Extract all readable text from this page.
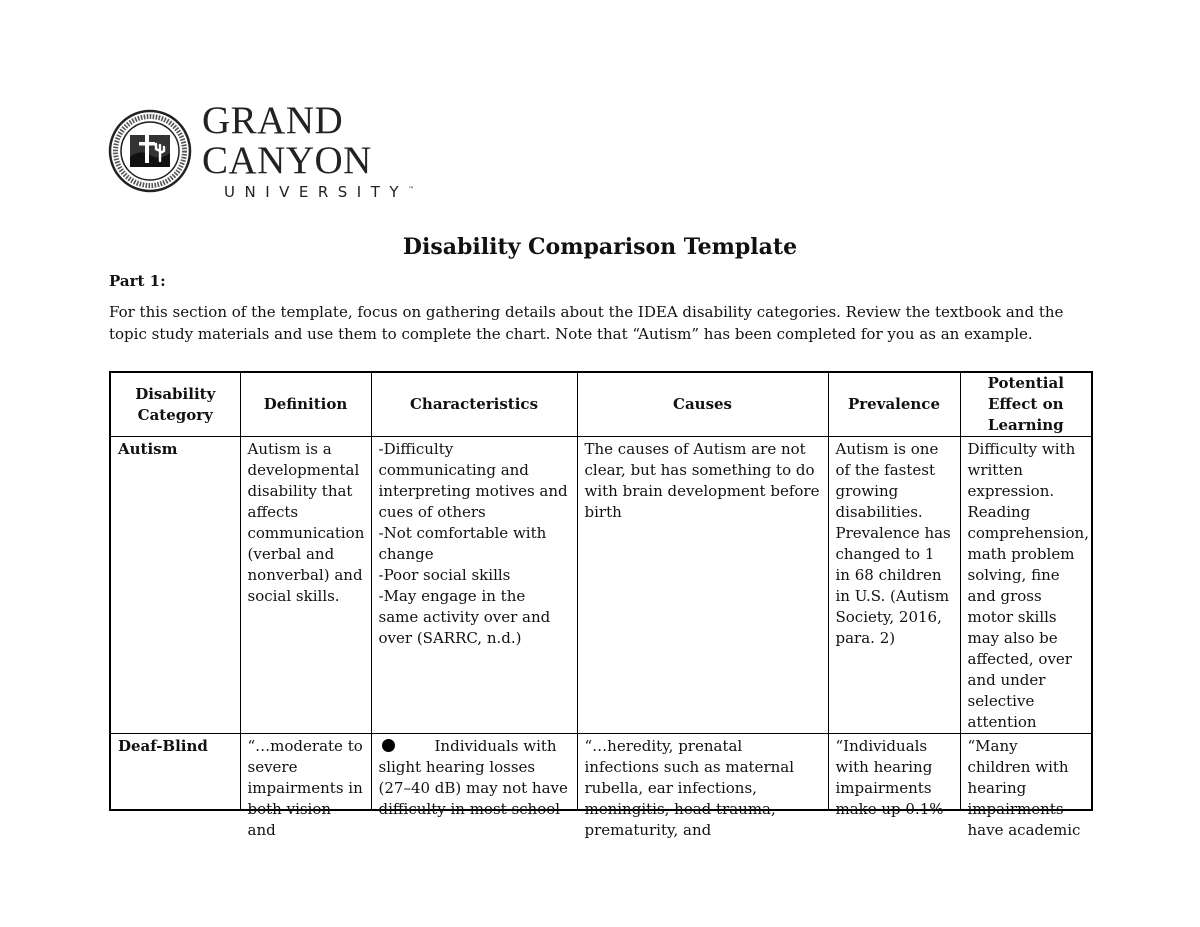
GRAND CANYON
UNIVERSITY™
Disability Comparison Template
Part 1:
For this section of the template, focus on gathering details about the IDEA disability categories. Review the textbook and the topic study materials and use them to complete the chart. Note that “Autism” has been completed for you as an example.
Disability Category	Definition	Characteristics	Causes	Prevalence	Potential Effect on Learning
Autism	Autism is a developmental disability that affects communication (verbal and nonverbal) and social skills.	-Difficulty communicating and interpreting motives and cues of others
-Not comfortable with change
-Poor social skills
-May engage in the same activity over and over (SARRC, n.d.)	The causes of Autism are not clear, but has something to do with brain development before birth	Autism is one of the fastest growing disabilities. Prevalence has changed to 1 in 68 children in U.S. (Autism Society, 2016, para. 2)	Difficulty with written expression. Reading comprehension, math problem solving, fine and gross motor skills may also be affected, over and under selective attention

Deaf-Blind	“…moderate to severe impairments in both vision and	Individuals with slight hearing losses (27–40 dB) may not have difficulty in most school	“…heredity, prenatal infections such as maternal rubella, ear infections, meningitis, head trauma, prematurity, and	“Individuals with hearing impairments make up 0.1%	“Many children with hearing impairments have academic
